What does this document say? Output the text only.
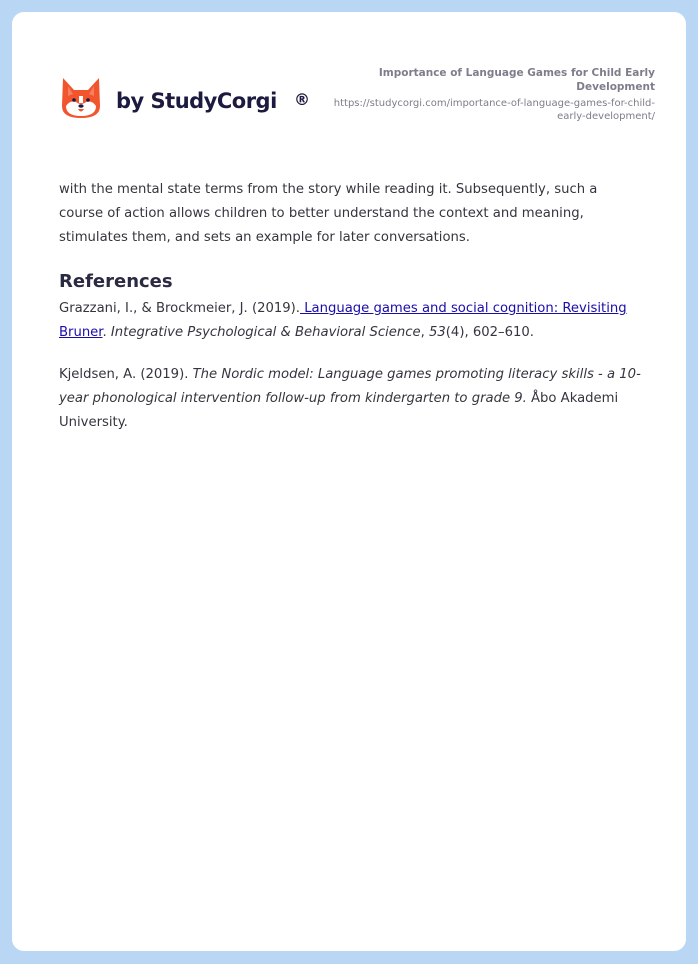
by StudyCorgi ®
Importance of Language Games for Child Early Development
https://studycorgi.com/importance-of-language-games-for-child-early-development/

with the mental state terms from the story while reading it. Subsequently, such a course of action allows children to better understand the context and meaning, stimulates them, and sets an example for later conversations.

References

Grazzani, I., & Brockmeier, J. (2019). Language games and social cognition: Revisiting Bruner. Integrative Psychological & Behavioral Science, 53(4), 602–610.

Kjeldsen, A. (2019). The Nordic model: Language games promoting literacy skills - a 10-year phonological intervention follow-up from kindergarten to grade 9. Åbo Akademi University.
